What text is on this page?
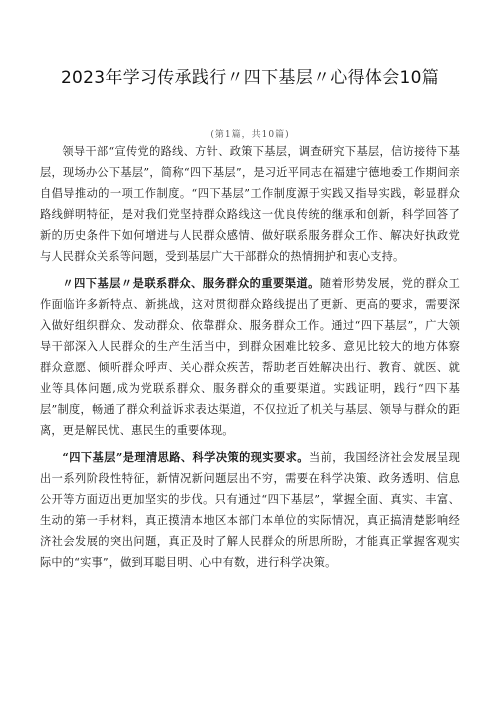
2023年学习传承践行〃四下基层〃心得体会10篇
(第1篇，共10篇)

领导干部“宣传党的路线、方针、政策下基层，调查研究下基层，信访接待下基层，现场办公下基层”，简称“四下基层”，是习近平同志在福建宁德地委工作期间亲自倡导推动的一项工作制度。“四下基层”工作制度源于实践又指导实践，彰显群众路线鲜明特征，是对我们党坚持群众路线这一优良传统的继承和创新，科学回答了新的历史条件下如何增进与人民群众感情、做好联系服务群众工作、解决好执政党与人民群众关系等问题，受到基层广大干部群众的热情拥护和衷心支持。

〃四下基层〃是联系群众、服务群众的重要渠道。随着形势发展，党的群众工作面临许多新特点、新挑战，这对贯彻群众路线提出了更新、更高的要求，需要深入做好组织群众、发动群众、依靠群众、服务群众工作。通过“四下基层”，广大领导干部深入人民群众的生产生活当中，到群众困难比较多、意见比较大的地方体察群众意愿、倾听群众呼声、关心群众疾苦，帮助老百姓解决出行、教育、就医、就业等具体问题,成为党联系群众、服务群众的重要渠道。实践证明，践行“四下基层”制度，畅通了群众利益诉求表达渠道，不仅拉近了机关与基层、领导与群众的距离，更是解民忧、惠民生的重要体现。

“四下基层”是理清思路、科学决策的现实要求。当前，我国经济社会发展呈现出一系列阶段性特征，新情况新问题层出不穷，需要在科学决策、政务透明、信息公开等方面迈出更加坚实的步伐。只有通过“四下基层”，掌握全面、真实、丰富、生动的第一手材料，真正摸清本地区本部门本单位的实际情况，真正搞清楚影响经济社会发展的突出问题，真正及时了解人民群众的所思所盼，才能真正掌握客观实际中的“实事”，做到耳聪目明、心中有数，进行科学决策。
